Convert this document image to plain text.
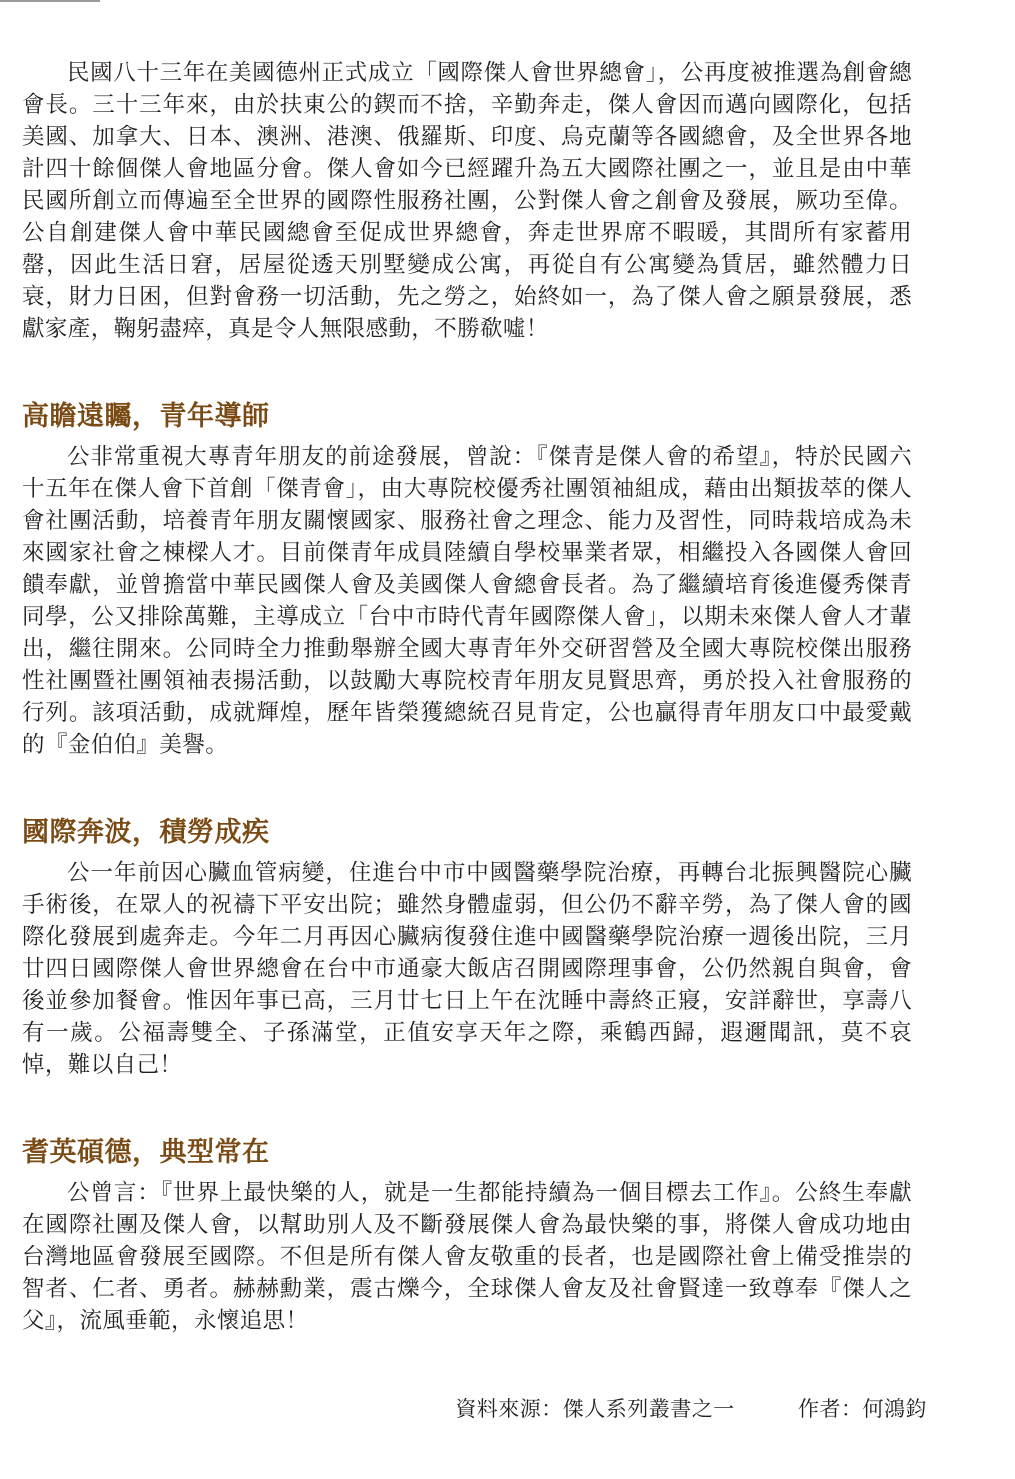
民國八十三年在美國德州正式成立「國際傑人會世界總會」，公再度被推選為創會總會長。三十三年來，由於扶東公的鍥而不捨，辛勤奔走，傑人會因而邁向國際化，包括美國、加拿大、日本、澳洲、港澳、俄羅斯、印度、烏克蘭等各國總會，及全世界各地計四十餘個傑人會地區分會。傑人會如今已經躍升為五大國際社團之一，並且是由中華民國所創立而傳遍至全世界的國際性服務社團，公對傑人會之創會及發展，厥功至偉。公自創建傑人會中華民國總會至促成世界總會，奔走世界席不暇暖，其間所有家蓄用罄，因此生活日窘，居屋從透天別墅變成公寓，再從自有公寓變為賃居，雖然體力日衰，財力日困，但對會務一切活動，先之勞之，始終如一，為了傑人會之願景發展，悉獻家產，鞠躬盡瘁，真是令人無限感動，不勝欷噓！

高瞻遠矚，青年導師

公非常重視大專青年朋友的前途發展，曾說：『傑青是傑人會的希望』，特於民國六十五年在傑人會下首創「傑青會」，由大專院校優秀社團領袖組成，藉由出類拔萃的傑人會社團活動，培養青年朋友關懷國家、服務社會之理念、能力及習性，同時栽培成為未來國家社會之棟樑人才。目前傑青年成員陸續自學校畢業者眾，相繼投入各國傑人會回饋奉獻，並曾擔當中華民國傑人會及美國傑人會總會長者。為了繼續培育後進優秀傑青同學，公又排除萬難，主導成立「台中市時代青年國際傑人會」，以期未來傑人會人才輩出，繼往開來。公同時全力推動舉辦全國大專青年外交研習營及全國大專院校傑出服務性社團暨社團領袖表揚活動，以鼓勵大專院校青年朋友見賢思齊，勇於投入社會服務的行列。該項活動，成就輝煌，歷年皆榮獲總統召見肯定，公也贏得青年朋友口中最愛戴的『金伯伯』美譽。

國際奔波，積勞成疾

公一年前因心臟血管病變，住進台中市中國醫藥學院治療，再轉台北振興醫院心臟手術後，在眾人的祝禱下平安出院；雖然身體虛弱，但公仍不辭辛勞，為了傑人會的國際化發展到處奔走。今年二月再因心臟病復發住進中國醫藥學院治療一週後出院，三月廿四日國際傑人會世界總會在台中市通豪大飯店召開國際理事會，公仍然親自與會，會後並參加餐會。惟因年事已高，三月廿七日上午在沈睡中壽終正寢，安詳辭世，享壽八有一歲。公福壽雙全、子孫滿堂，正值安享天年之際，乘鶴西歸，遐邇聞訊，莫不哀悼，難以自己！

耆英碩德，典型常在

公曾言：『世界上最快樂的人，就是一生都能持續為一個目標去工作』。公終生奉獻在國際社團及傑人會，以幫助別人及不斷發展傑人會為最快樂的事，將傑人會成功地由台灣地區會發展至國際。不但是所有傑人會友敬重的長者，也是國際社會上備受推崇的智者、仁者、勇者。赫赫勳業，震古爍今，全球傑人會友及社會賢達一致尊奉『傑人之父』，流風垂範，永懷追思！

資料來源：傑人系列叢書之一	作者：何鴻鈞
